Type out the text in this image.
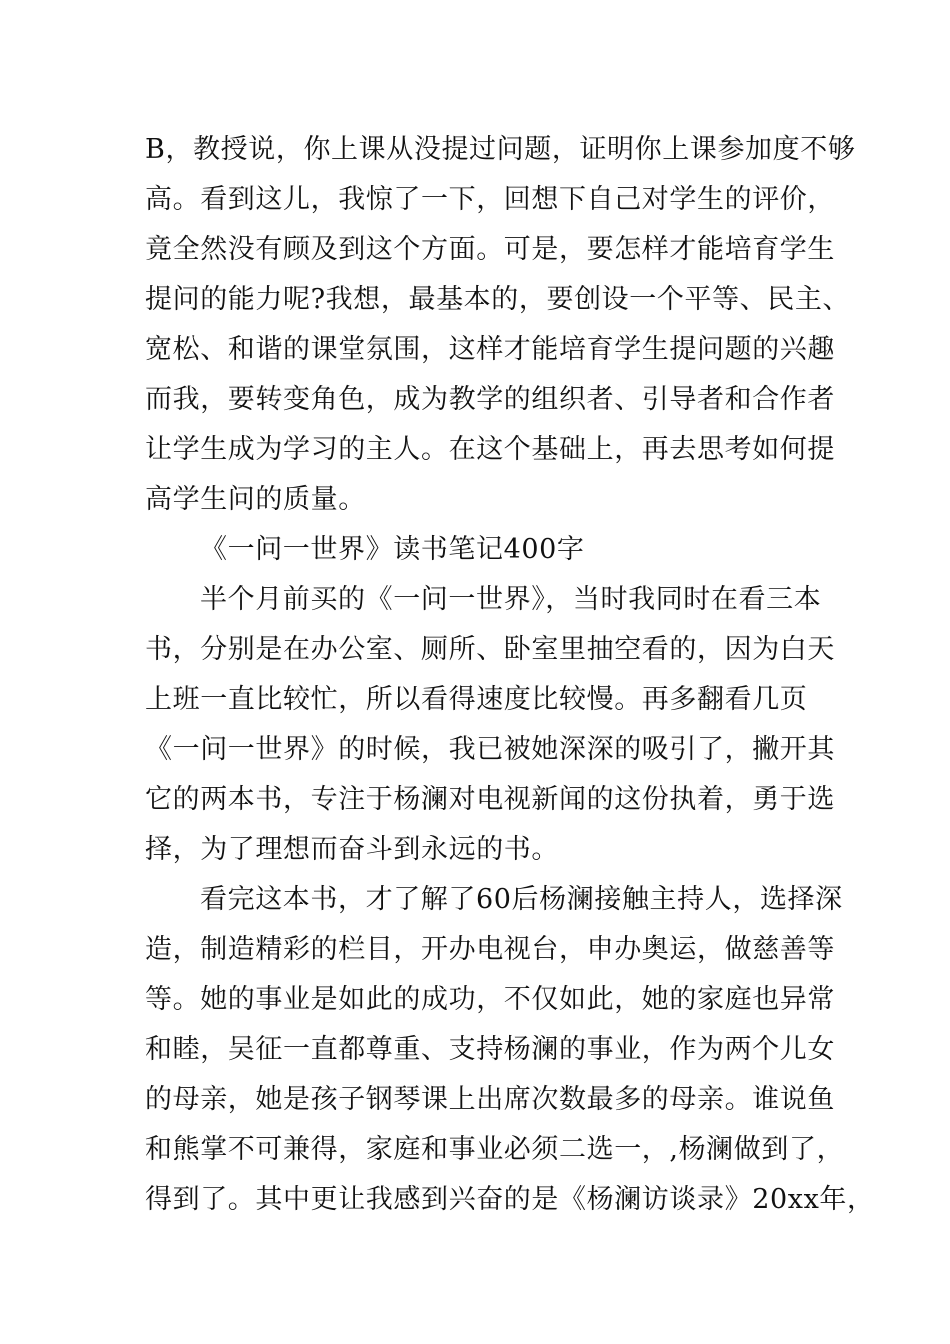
B，教授说，你上课从没提过问题，证明你上课参加度不够
高。看到这儿，我惊了一下，回想下自己对学生的评价，
竟全然没有顾及到这个方面。可是，要怎样才能培育学生
提问的能力呢?我想，最基本的，要创设一个平等、民主、
宽松、和谐的课堂氛围，这样才能培育学生提问题的兴趣
而我，要转变角色，成为教学的组织者、引导者和合作者
让学生成为学习的主人。在这个基础上，再去思考如何提
高学生问的质量。
《一问一世界》读书笔记400字
半个月前买的《一问一世界》，当时我同时在看三本
书，分别是在办公室、厕所、卧室里抽空看的，因为白天
上班一直比较忙，所以看得速度比较慢。再多翻看几页
《一问一世界》的时候，我已被她深深的吸引了，撇开其
它的两本书，专注于杨澜对电视新闻的这份执着，勇于选
择，为了理想而奋斗到永远的书。
看完这本书，才了解了60后杨澜接触主持人，选择深
造，制造精彩的栏目，开办电视台，申办奥运，做慈善等
等。她的事业是如此的成功，不仅如此，她的家庭也异常
和睦，吴征一直都尊重、支持杨澜的事业，作为两个儿女
的母亲，她是孩子钢琴课上出席次数最多的母亲。谁说鱼
和熊掌不可兼得，家庭和事业必须二选一，,杨澜做到了，
得到了。其中更让我感到兴奋的是《杨澜访谈录》20xx年，
